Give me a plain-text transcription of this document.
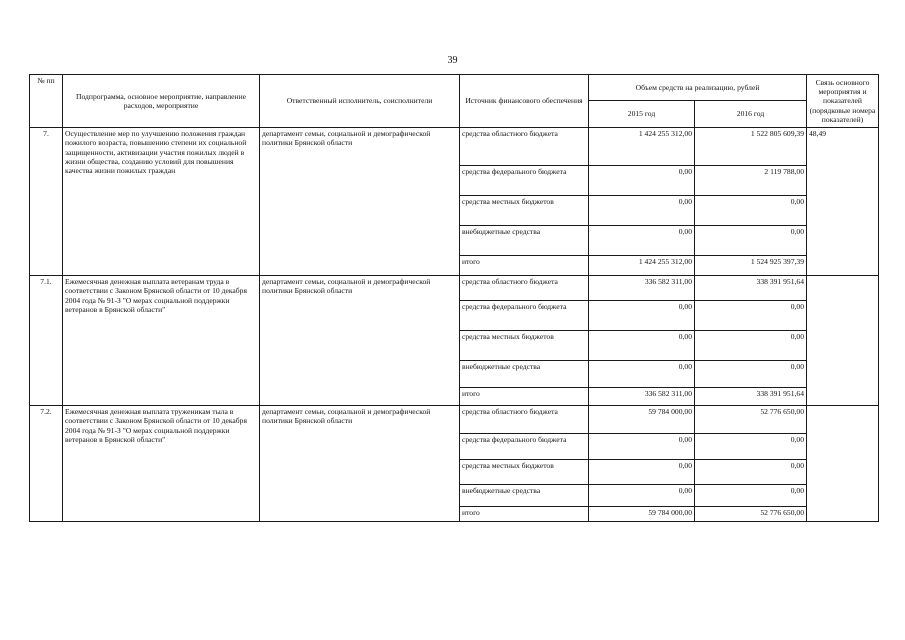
39
№ пп	Подпрограмма, основное мероприятие, направление расходов, мероприятие	Ответственный исполнитель, соисполнители	Источник финансового обеспечения	Объем средств на реализацию, рублей		Связь основного мероприятия и показателей (порядковые номера показателей)
				2015 год	2016 год	
7.	Осуществление мер по улучшению положения граждан пожилого возраста, повышению степени их социальной защищенности, активизации участия пожилых людей в жизни общества, созданию условий для повышения качества жизни пожилых граждан	департамент семьи, социальной и демографической политики Брянской области	средства областного бюджета	1 424 255 312,00	1 522 805 609,39	48,49
			средства федерального бюджета	0,00	2 119 788,00	
			средства местных бюджетов	0,00	0,00	
			внебюджетные средства	0,00	0,00	
			итого	1 424 255 312,00	1 524 925 397,39	
7.1.	Ежемесячная денежная выплата ветеранам труда в соответствии с Законом Брянской области от 10 декабря 2004 года № 91-З "О мерах социальной поддержки ветеранов в Брянской области"	департамент семьи, социальной и демографической политики Брянской области	средства областного бюджета	336 582 311,00	338 391 951,64	
			средства федерального бюджета	0,00	0,00	
			средства местных бюджетов	0,00	0,00	
			внебюджетные средства	0,00	0,00	
			итого	336 582 311,00	338 391 951,64	
7.2.	Ежемесячная денежная выплата труженикам тыла в соответствии с Законом Брянской области от 10 декабря 2004 года № 91-З "О мерах социальной поддержки ветеранов в Брянской области"	департамент семьи, социальной и демографической политики Брянской области	средства областного бюджета	59 784 000,00	52 776 650,00	
			средства федерального бюджета	0,00	0,00	
			средства местных бюджетов	0,00	0,00	
			внебюджетные средства	0,00	0,00	
			итого	59 784 000,00	52 776 650,00	
